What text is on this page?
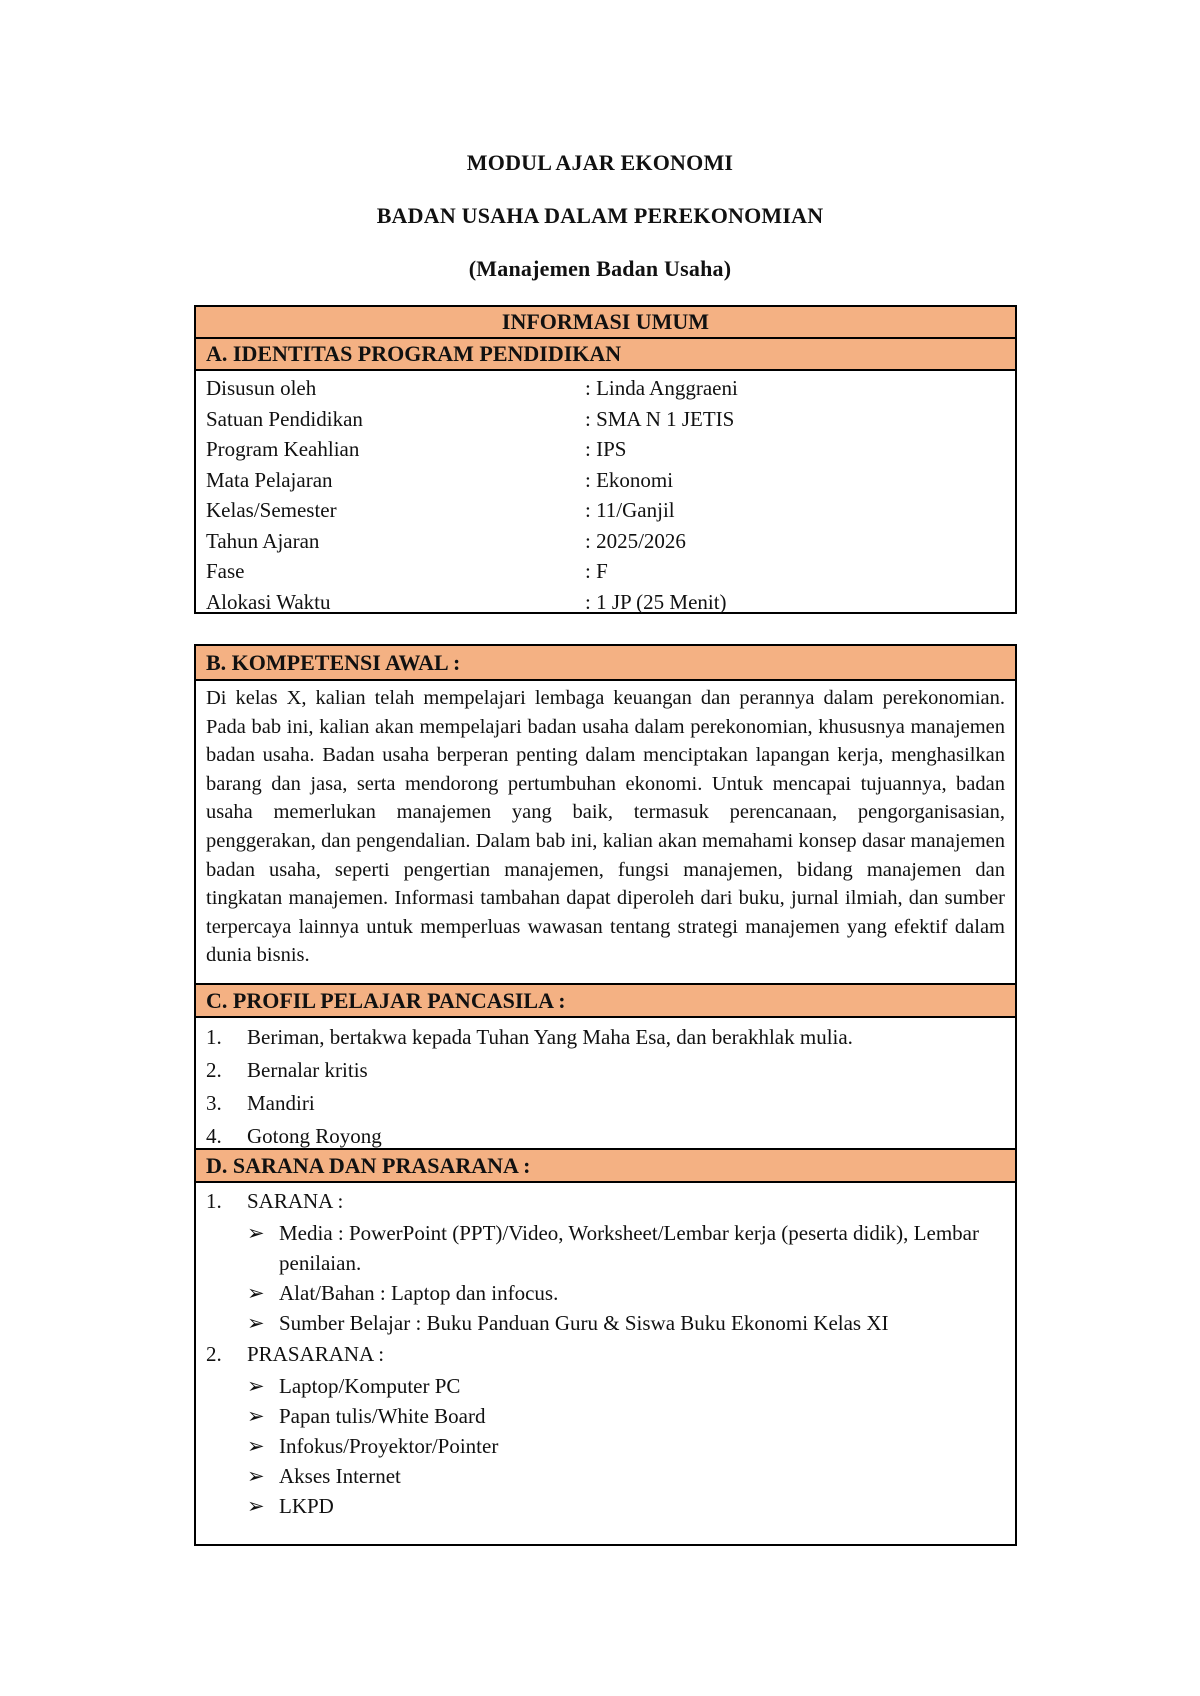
MODUL AJAR EKONOMI
BADAN USAHA DALAM PEREKONOMIAN
(Manajemen Badan Usaha)
INFORMASI UMUM
A. IDENTITAS PROGRAM PENDIDIKAN
Disusun oleh	: Linda Anggraeni
Satuan Pendidikan	: SMA N 1 JETIS
Program Keahlian	: IPS
Mata Pelajaran	: Ekonomi
Kelas/Semester	: 11/Ganjil
Tahun Ajaran	: 2025/2026
Fase	: F
Alokasi Waktu	: 1 JP (25 Menit)
B. KOMPETENSI AWAL :
Di kelas X, kalian telah mempelajari lembaga keuangan dan perannya dalam perekonomian. Pada bab ini, kalian akan mempelajari badan usaha dalam perekonomian, khususnya manajemen badan usaha. Badan usaha berperan penting dalam menciptakan lapangan kerja, menghasilkan barang dan jasa, serta mendorong pertumbuhan ekonomi. Untuk mencapai tujuannya, badan usaha memerlukan manajemen yang baik, termasuk perencanaan, pengorganisasian, penggerakan, dan pengendalian. Dalam bab ini, kalian akan memahami konsep dasar manajemen badan usaha, seperti pengertian manajemen, fungsi manajemen, bidang manajemen dan tingkatan manajemen. Informasi tambahan dapat diperoleh dari buku, jurnal ilmiah, dan sumber terpercaya lainnya untuk memperluas wawasan tentang strategi manajemen yang efektif dalam dunia bisnis.
C. PROFIL PELAJAR PANCASILA :
1.	Beriman, bertakwa kepada Tuhan Yang Maha Esa, dan berakhlak mulia.
2.	Bernalar kritis
3.	Mandiri
4.	Gotong Royong
D. SARANA DAN PRASARANA :
1.	SARANA :
➢ Media : PowerPoint (PPT)/Video, Worksheet/Lembar kerja (peserta didik), Lembar penilaian.
➢ Alat/Bahan : Laptop dan infocus.
➢ Sumber Belajar : Buku Panduan Guru & Siswa Buku Ekonomi Kelas XI
2.	PRASARANA :
➢ Laptop/Komputer PC
➢ Papan tulis/White Board
➢ Infokus/Proyektor/Pointer
➢ Akses Internet
➢ LKPD
